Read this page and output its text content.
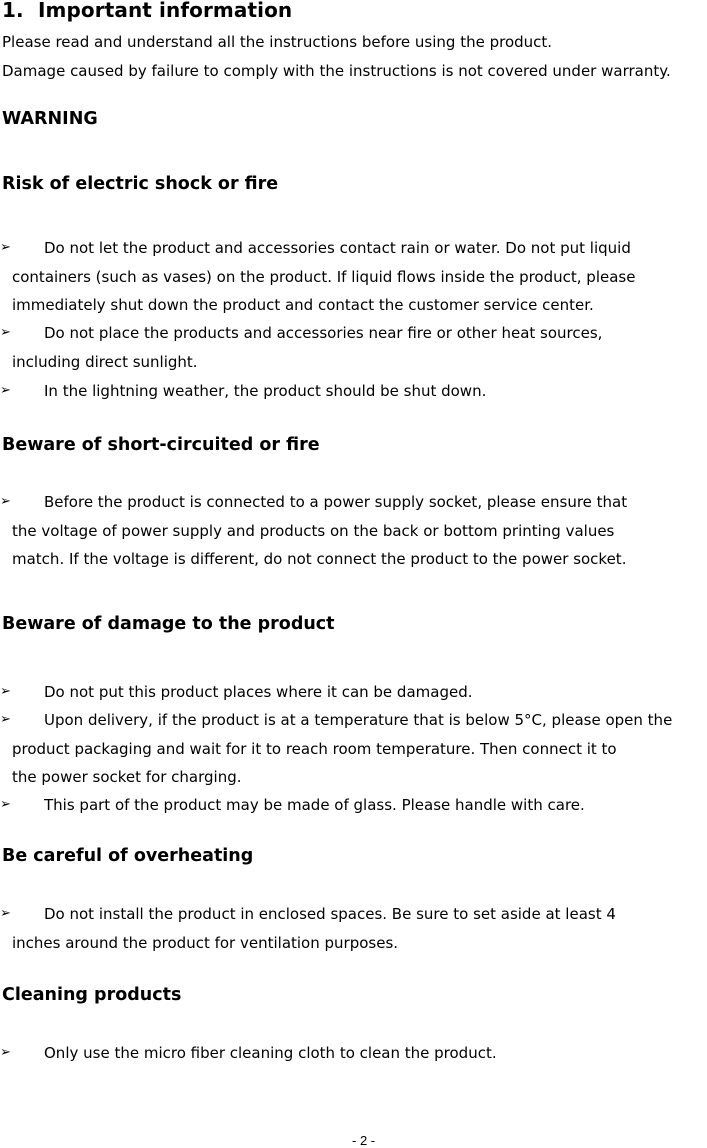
1. Important information
Please read and understand all the instructions before using the product.
Damage caused by failure to comply with the instructions is not covered under warranty.
WARNING
Risk of electric shock or fire
➢	Do not let the product and accessories contact rain or water. Do not put liquid
containers (such as vases) on the product. If liquid flows inside the product, please
immediately shut down the product and contact the customer service center.
➢	Do not place the products and accessories near fire or other heat sources,
including direct sunlight.
➢	In the lightning weather, the product should be shut down.
Beware of short-circuited or fire
➢	Before the product is connected to a power supply socket, please ensure that
the voltage of power supply and products on the back or bottom printing values
match. If the voltage is different, do not connect the product to the power socket.
Beware of damage to the product
➢	Do not put this product places where it can be damaged.
➢	Upon delivery, if the product is at a temperature that is below 5°C, please open the
product packaging and wait for it to reach room temperature. Then connect it to
the power socket for charging.
➢	This part of the product may be made of glass. Please handle with care.
Be careful of overheating
➢	Do not install the product in enclosed spaces. Be sure to set aside at least 4
inches around the product for ventilation purposes.
Cleaning products
➢	Only use the micro fiber cleaning cloth to clean the product.
- 2 -
